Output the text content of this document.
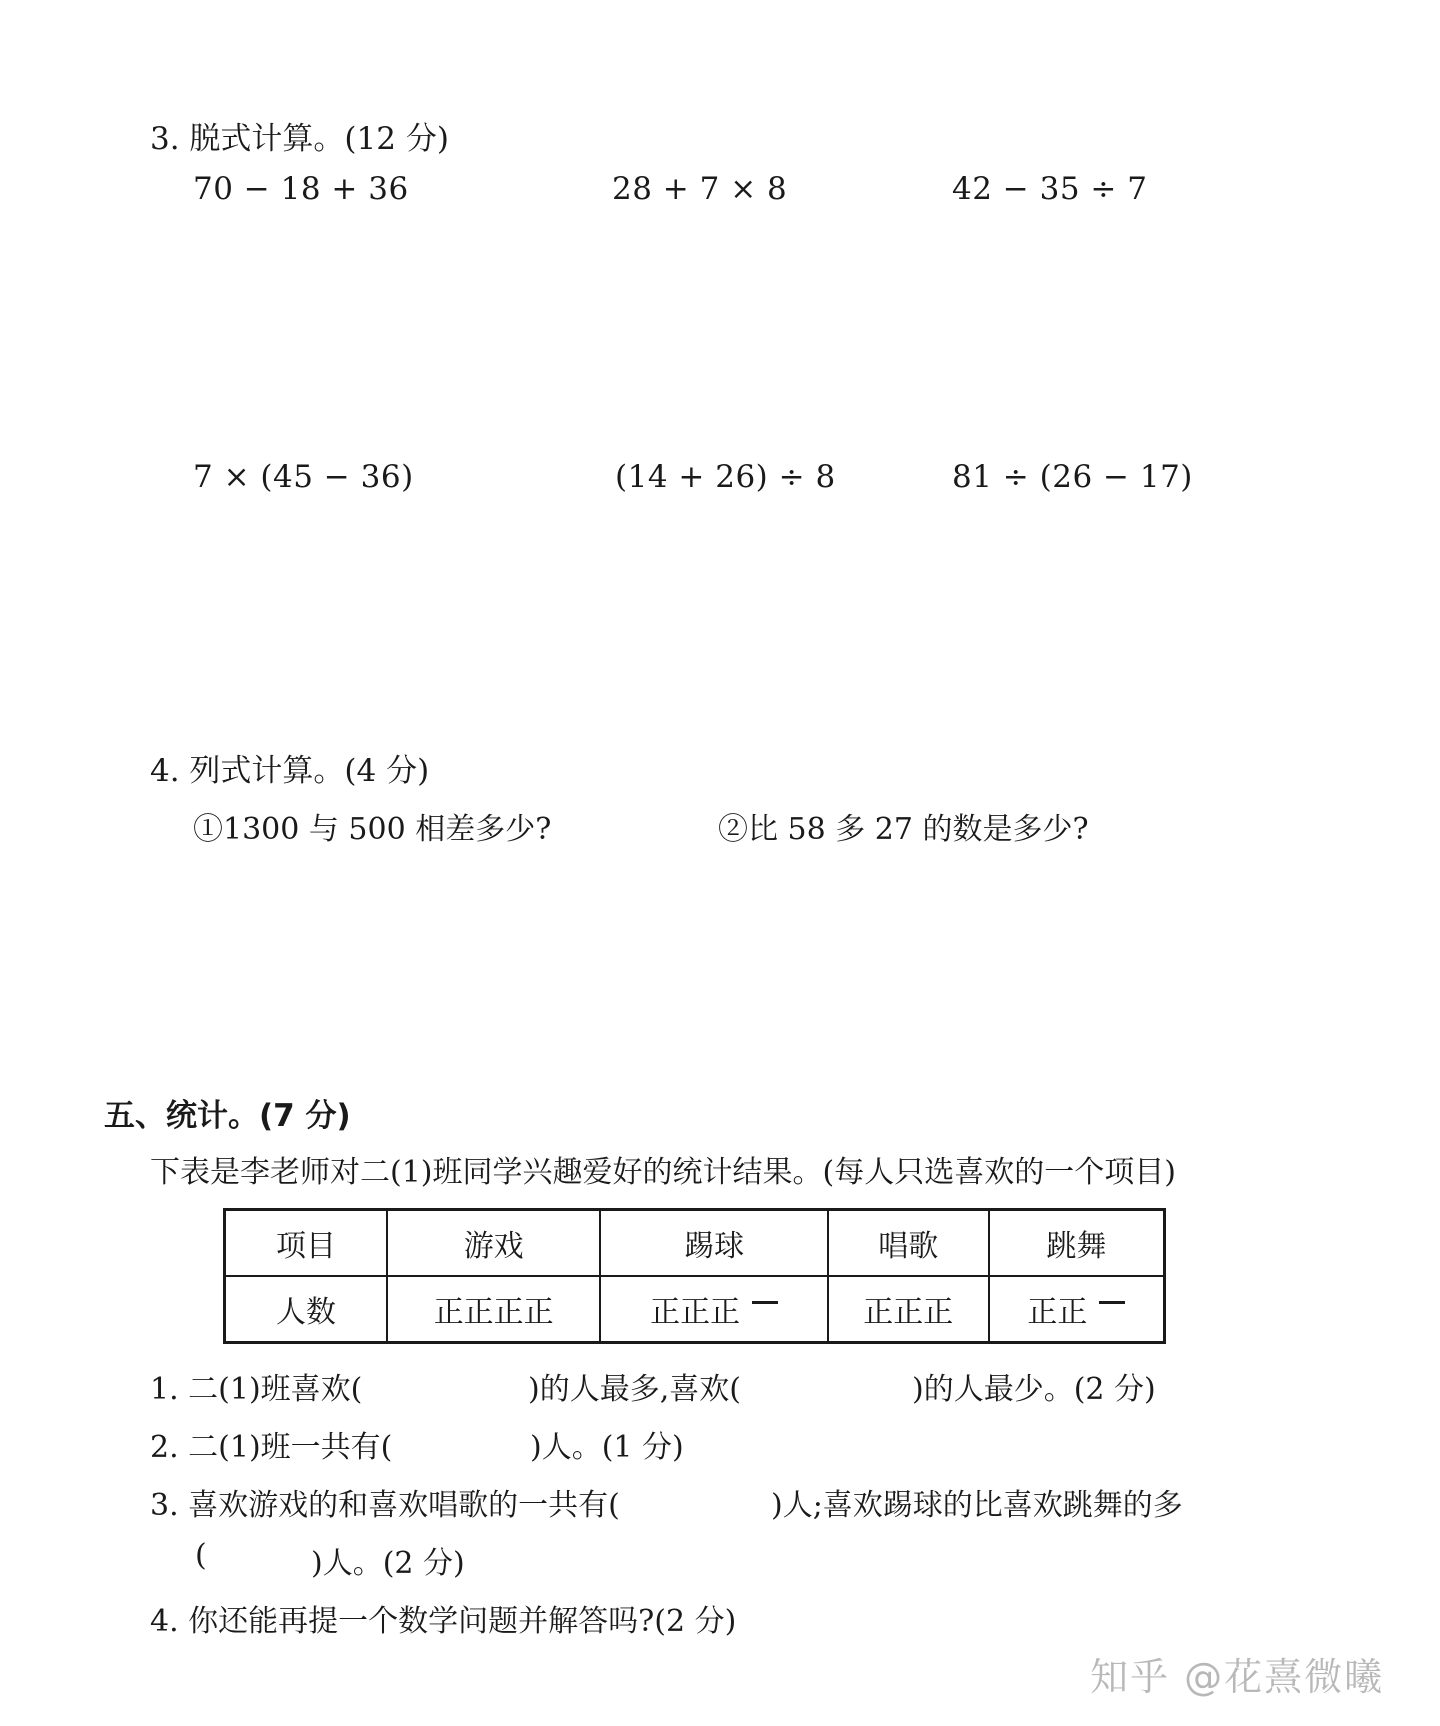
3. 脱式计算。(12 分)
70 − 18 + 36	28 + 7 × 8	42 − 35 ÷ 7
7 × (45 − 36)	(14 + 26) ÷ 8	81 ÷ (26 − 17)
4. 列式计算。(4 分)
①1300 与 500 相差多少?	②比 58 多 27 的数是多少?
五、统计。(7 分)
下表是李老师对二(1)班同学兴趣爱好的统计结果。(每人只选喜欢的一个项目)
项目	游戏	踢球	唱歌	跳舞
人数	正正正正	正正正	正正正	正正
1. 二(1)班喜欢(	)的人最多,喜欢(	)的人最少。(2 分)
2. 二(1)班一共有(	)人。(1 分)
3. 喜欢游戏的和喜欢唱歌的一共有(	)人;喜欢踢球的比喜欢跳舞的多
(	)人。(2 分)
4. 你还能再提一个数学问题并解答吗?(2 分)
知乎 @花熹微曦
